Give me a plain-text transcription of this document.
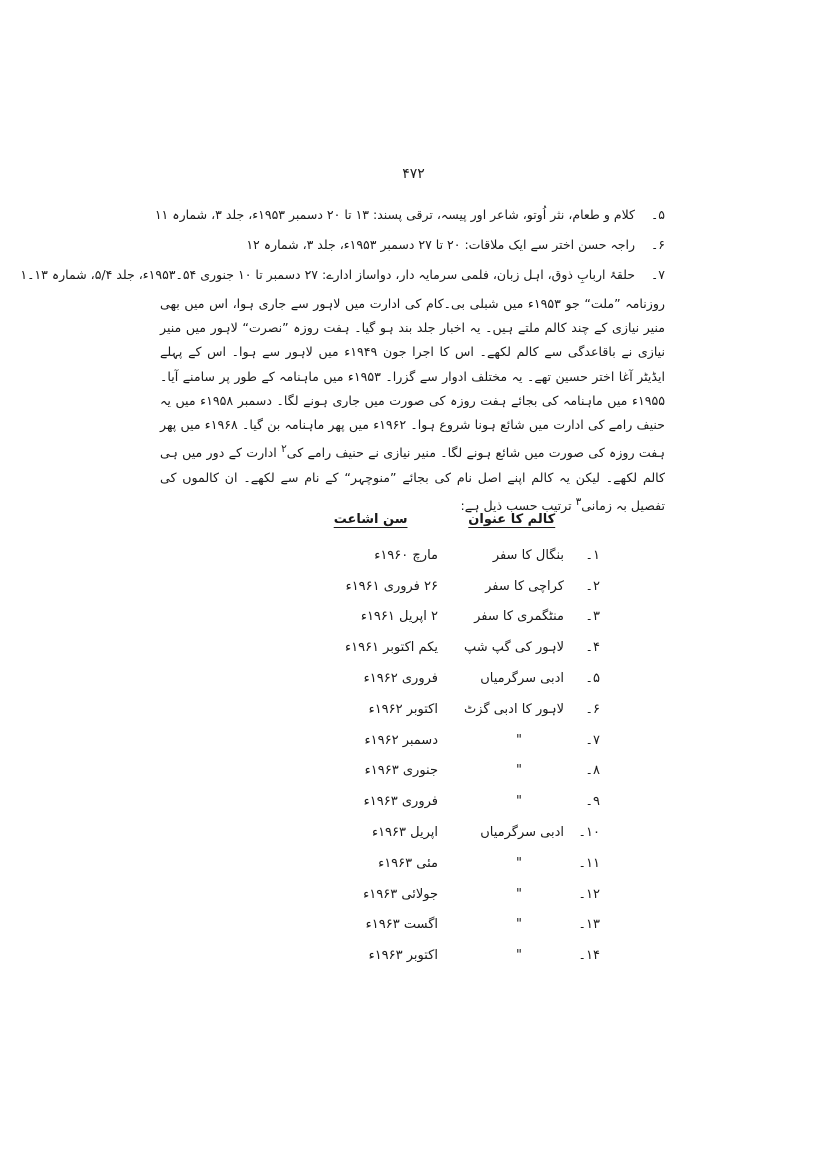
۴۷۲
۵۔ کلام و طعام، نثر اُوتو، شاعر اور پیسہ، ترقی پسند: ۱۳ تا ۲۰ دسمبر ۱۹۵۳ء، جلد ۳، شمارہ ۱۱
۶۔ راجہ حسن اختر سے ایک ملاقات: ۲۰ تا ۲۷ دسمبر ۱۹۵۳ء، جلد ۳، شمارہ ۱۲
۷۔ حلقۂ اربابِ ذوق، اہل زبان، فلمی سرمایہ دار، دواساز ادارے: ۲۷ دسمبر تا ۱۰ جنوری ۵۴۔۱۹۵۳ء، جلد ۵/۴، شمارہ ۱۳۔۱

روزنامہ ”ملت“ جو ۱۹۵۳ء میں شبلی بی۔کام کی ادارت میں لاہور سے جاری ہوا، اس میں بھی منیر نیازی کے چند کالم ملتے ہیں۔ یہ اخبار جلد بند ہو گیا۔ ہفت روزہ ”نصرت“ لاہور میں منیر نیازی نے باقاعدگی سے کالم لکھے۔ اس کا اجرا جون ۱۹۴۹ء میں لاہور سے ہوا۔ اس کے پہلے ایڈیٹر آغا اختر حسین تھے۔ یہ مختلف ادوار سے گزرا۔ ۱۹۵۳ء میں ماہنامہ کے طور پر سامنے آیا۔ ۱۹۵۵ء میں ماہنامہ کی بجائے ہفت روزہ کی صورت میں جاری ہونے لگا۔ دسمبر ۱۹۵۸ء میں یہ حنیف رامے کی ادارت میں شائع ہونا شروع ہوا۔ ۱۹۶۲ء میں پھر ماہنامہ بن گیا۔ ۱۹۶۸ء میں پھر ہفت روزہ کی صورت میں شائع ہونے لگا۔ منیر نیازی نے حنیف رامے کی$^۲$ ادارت کے دور میں ہی کالم لکھے۔ لیکن یہ کالم اپنے اصل نام کی بجائے ”منوچہر“ کے نام سے لکھے۔ ان کالموں کی تفصیل بہ زمانی$^۳$ ترتیب حسب ذیل ہے:

کالم کا عنوان
سن اشاعت
۱۔
بنگال کا سفر
مارچ ۱۹۶۰ء
۲۔
کراچی کا سفر
۲۶ فروری ۱۹۶۱ء
۳۔
منٹگمری کا سفر
۲ اپریل ۱۹۶۱ء
۴۔
لاہور کی گپ شپ
یکم اکتوبر ۱۹۶۱ء
۵۔
ادبی سرگرمیاں
فروری ۱۹۶۲ء
۶۔
لاہور کا ادبی گزٹ
اکتوبر ۱۹۶۲ء
۷۔
"
دسمبر ۱۹۶۲ء
۸۔
"
جنوری ۱۹۶۳ء
۹۔
"
فروری ۱۹۶۳ء
۱۰۔
ادبی سرگرمیاں
اپریل ۱۹۶۳ء
۱۱۔
"
مئی ۱۹۶۳ء
۱۲۔
"
جولائی ۱۹۶۳ء
۱۳۔
"
اگست ۱۹۶۳ء
۱۴۔
"
اکتوبر ۱۹۶۳ء
